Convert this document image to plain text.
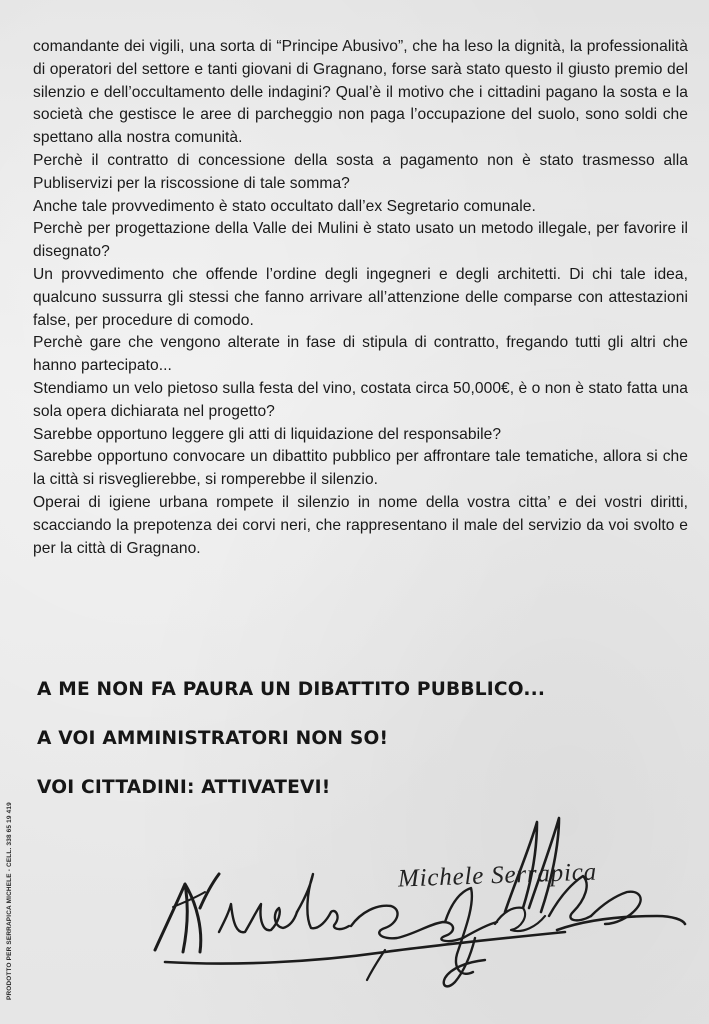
comandante dei vigili, una sorta di “Principe Abusivo”, che ha leso la dignità, la professionalità di operatori del settore e tanti giovani di Gragnano, forse sarà stato questo il giusto premio del silenzio e dell’occultamento delle indagini? Qual’è il motivo che i cittadini pagano la sosta e la società che gestisce le aree di parcheggio non paga l’occupazione del suolo, sono soldi che spettano alla nostra comunità.

Perchè il contratto di concessione della sosta a pagamento non è stato trasmesso alla Publiservizi per la riscossione di tale somma?

Anche tale provvedimento è stato occultato dall’ex Segretario comunale.

Perchè per progettazione della Valle dei Mulini è stato usato un metodo illegale, per favorire il disegnato?

Un provvedimento che offende l’ordine degli ingegneri e degli architetti. Di chi tale idea, qualcuno sussurra gli stessi che fanno arrivare all’attenzione delle comparse con attestazioni false, per procedure di comodo.

Perchè gare che vengono alterate in fase di stipula di contratto, fregando tutti gli altri che hanno partecipato...

Stendiamo un velo pietoso sulla festa del vino, costata circa 50,000€, è o non è stato fatta una sola opera dichiarata nel progetto?

Sarebbe opportuno leggere gli atti di liquidazione del responsabile?

Sarebbe opportuno convocare un dibattito pubblico per affrontare tale tematiche, allora si che la città si risveglierebbe, si romperebbe il silenzio.

Operai di igiene urbana rompete il silenzio in nome della vostra citta’ e dei vostri diritti, scacciando la prepotenza dei corvi neri, che rappresentano il male del servizio da voi svolto e per la città di Gragnano.

A ME NON FA PAURA UN DIBATTITO PUBBLICO...
A VOI AMMINISTRATORI NON SO!
VOI CITTADINI: ATTIVATEVI!
PRODOTTO PER SERRAPICA MICHELE - CELL. 338 65 19 419	Michele Serrapica
